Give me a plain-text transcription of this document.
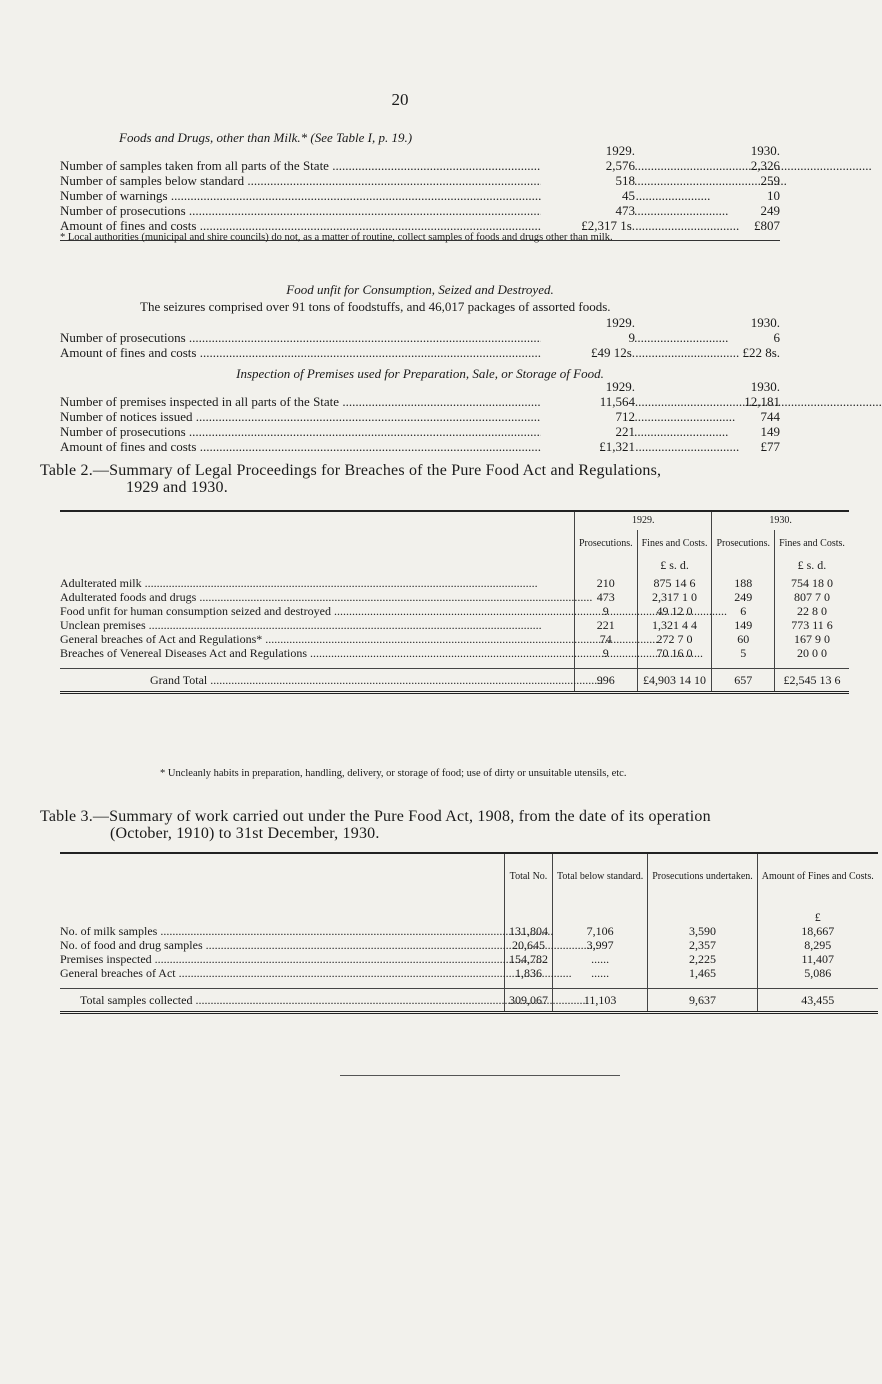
20
Foods and Drugs, other than Milk.* (See Table I, p. 19.)
1929.	1930.
Number of samples taken from all parts of the State .....	2,576	2,326
Number of samples below standard .....	518	259
Number of warnings .....	45	10
Number of prosecutions .....	473	249
Amount of fines and costs .....	£2,317 1s.	£807
* Local authorities (municipal and shire councils) do not, as a matter of routine, collect samples of foods and drugs other than milk.
Food unfit for Consumption, Seized and Destroyed.
The seizures comprised over 91 tons of foodstuffs, and 46,017 packages of assorted foods.
1929.	1930.
Number of prosecutions .....	9	6
Amount of fines and costs .....	£49 12s.	£22 8s.
Inspection of Premises used for Preparation, Sale, or Storage of Food.
1929.	1930.
Number of premises inspected in all parts of the State .....	11,564	12,181
Number of notices issued .....	712	744
Number of prosecutions .....	221	149
Amount of fines and costs .....	£1,321	£77
Table 2.—Summary of Legal Proceedings for Breaches of the Pure Food Act and Regulations,
1929 and 1930.
	1929.		1930.	
	Prosecutions.	Fines and Costs.	Prosecutions.	Fines and Costs.
		£ s. d.		£ s. d.
Adulterated milk .....	210	875 14 6	188	754 18 0
Adulterated foods and drugs .....	473	2,317 1 0	249	807 7 0
Food unfit for human consumption seized and destroyed .....	9	49 12 0	6	22 8 0
Unclean premises .....	221	1,321 4 4	149	773 11 6
General breaches of Act and Regulations* .....	74	272 7 0	60	167 9 0
Breaches of Venereal Diseases Act and Regulations .....	9	70 16 0	5	20 0 0
Grand Total .....	996	£4,903 14 10	657	£2,545 13 6
* Uncleanly habits in preparation, handling, delivery, or storage of food; use of dirty or unsuitable utensils, etc.
Table 3.—Summary of work carried out under the Pure Food Act, 1908, from the date of its operation
(October, 1910) to 31st December, 1930.
	Total No.	Total below standard.	Prosecutions undertaken.	Amount of Fines and Costs.
				£
No. of milk samples .....	131,804	7,106	3,590	18,667
No. of food and drug samples .....	20,645	3,997	2,357	8,295
Premises inspected .....	154,782	......	2,225	11,407
General breaches of Act .....	1,836	......	1,465	5,086
Total samples collected .....	309,067	11,103	9,637	43,455
